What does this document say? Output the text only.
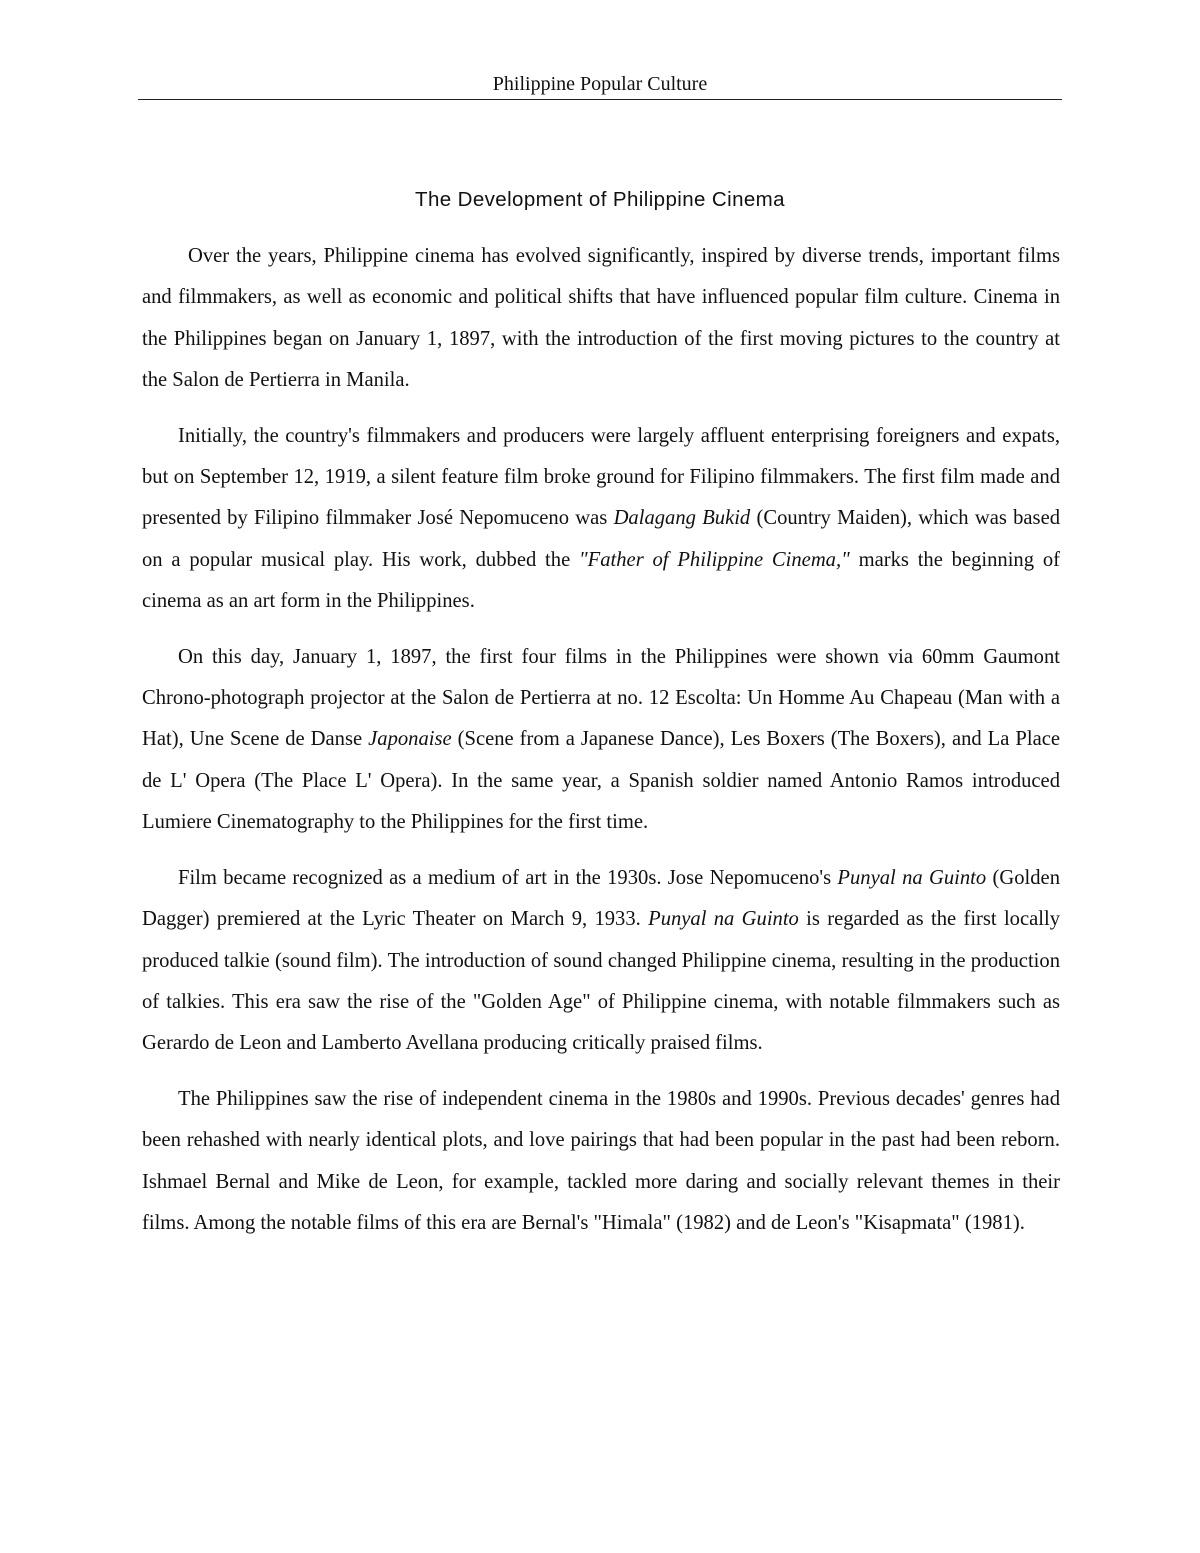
Philippine Popular Culture
The Development of Philippine Cinema

Over the years, Philippine cinema has evolved significantly, inspired by diverse trends, important films and filmmakers, as well as economic and political shifts that have influenced popular film culture. Cinema in the Philippines began on January 1, 1897, with the introduction of the first moving pictures to the country at the Salon de Pertierra in Manila.

Initially, the country's filmmakers and producers were largely affluent enterprising foreigners and expats, but on September 12, 1919, a silent feature film broke ground for Filipino filmmakers. The first film made and presented by Filipino filmmaker José Nepomuceno was Dalagang Bukid (Country Maiden), which was based on a popular musical play. His work, dubbed the "Father of Philippine Cinema," marks the beginning of cinema as an art form in the Philippines.

On this day, January 1, 1897, the first four films in the Philippines were shown via 60mm Gaumont Chrono-photograph projector at the Salon de Pertierra at no. 12 Escolta: Un Homme Au Chapeau (Man with a Hat), Une Scene de Danse Japonaise (Scene from a Japanese Dance), Les Boxers (The Boxers), and La Place de L' Opera (The Place L' Opera). In the same year, a Spanish soldier named Antonio Ramos introduced Lumiere Cinematography to the Philippines for the first time.

Film became recognized as a medium of art in the 1930s. Jose Nepomuceno's Punyal na Guinto (Golden Dagger) premiered at the Lyric Theater on March 9, 1933. Punyal na Guinto is regarded as the first locally produced talkie (sound film). The introduction of sound changed Philippine cinema, resulting in the production of talkies. This era saw the rise of the "Golden Age" of Philippine cinema, with notable filmmakers such as Gerardo de Leon and Lamberto Avellana producing critically praised films.

The Philippines saw the rise of independent cinema in the 1980s and 1990s. Previous decades' genres had been rehashed with nearly identical plots, and love pairings that had been popular in the past had been reborn. Ishmael Bernal and Mike de Leon, for example, tackled more daring and socially relevant themes in their films. Among the notable films of this era are Bernal's "Himala" (1982) and de Leon's "Kisapmata" (1981).
